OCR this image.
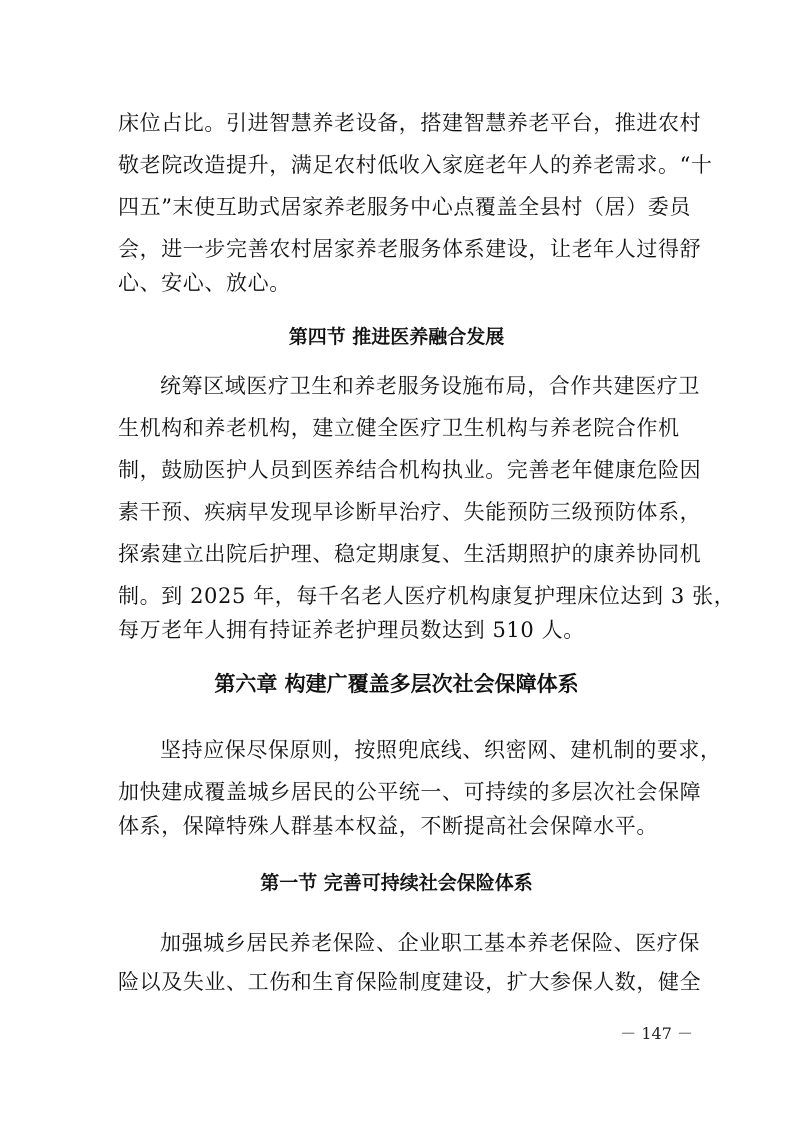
床位占比。引进智慧养老设备，搭建智慧养老平台，推进农村
敬老院改造提升，满足农村低收入家庭老年人的养老需求。“十
四五”末使互助式居家养老服务中心点覆盖全县村（居）委员
会，进一步完善农村居家养老服务体系建设，让老年人过得舒
心、安心、放心。
第四节 推进医养融合发展
统筹区域医疗卫生和养老服务设施布局，合作共建医疗卫
生机构和养老机构，建立健全医疗卫生机构与养老院合作机
制，鼓励医护人员到医养结合机构执业。完善老年健康危险因
素干预、疾病早发现早诊断早治疗、失能预防三级预防体系，
探索建立出院后护理、稳定期康复、生活期照护的康养协同机
制。到 2025 年，每千名老人医疗机构康复护理床位达到 3 张，
每万老年人拥有持证养老护理员数达到 510 人。
第六章 构建广覆盖多层次社会保障体系
坚持应保尽保原则，按照兜底线、织密网、建机制的要求，
加快建成覆盖城乡居民的公平统一、可持续的多层次社会保障
体系，保障特殊人群基本权益，不断提高社会保障水平。
第一节 完善可持续社会保险体系
加强城乡居民养老保险、企业职工基本养老保险、医疗保
险以及失业、工伤和生育保险制度建设，扩大参保人数，健全
－ 147 －
